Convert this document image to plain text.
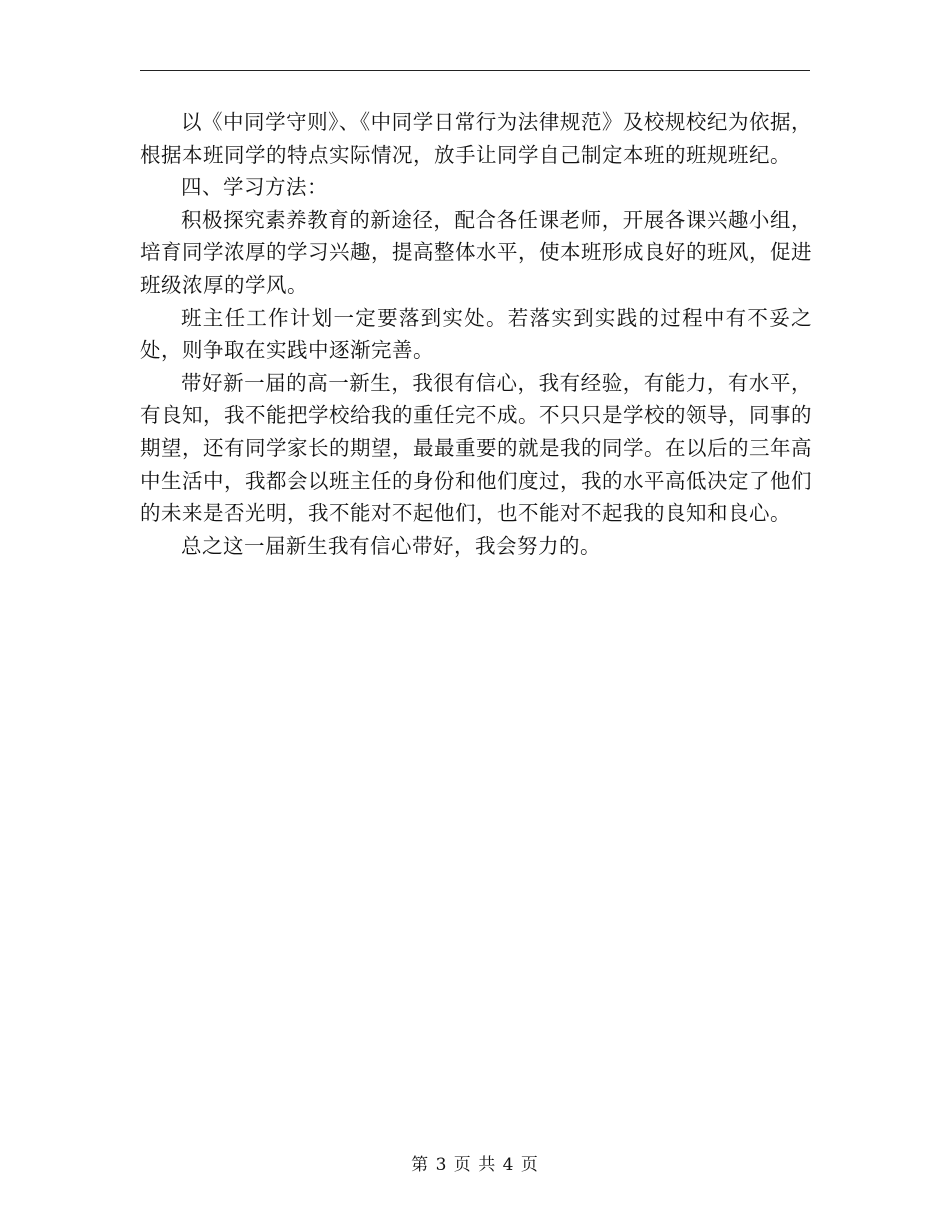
以《中同学守则》、《中同学日常行为法律规范》及校规校纪为依据，根据本班同学的特点实际情况，放手让同学自己制定本班的班规班纪。

四、学习方法：

积极探究素养教育的新途径，配合各任课老师，开展各课兴趣小组，培育同学浓厚的学习兴趣，提高整体水平，使本班形成良好的班风，促进班级浓厚的学风。

班主任工作计划一定要落到实处。若落实到实践的过程中有不妥之处，则争取在实践中逐渐完善。

带好新一届的高一新生，我很有信心，我有经验，有能力，有水平，有良知，我不能把学校给我的重任完不成。不只只是学校的领导，同事的期望，还有同学家长的期望，最最重要的就是我的同学。在以后的三年高中生活中，我都会以班主任的身份和他们度过，我的水平高低决定了他们的未来是否光明，我不能对不起他们，也不能对不起我的良知和良心。

总之这一届新生我有信心带好，我会努力的。

第 3 页 共 4 页
